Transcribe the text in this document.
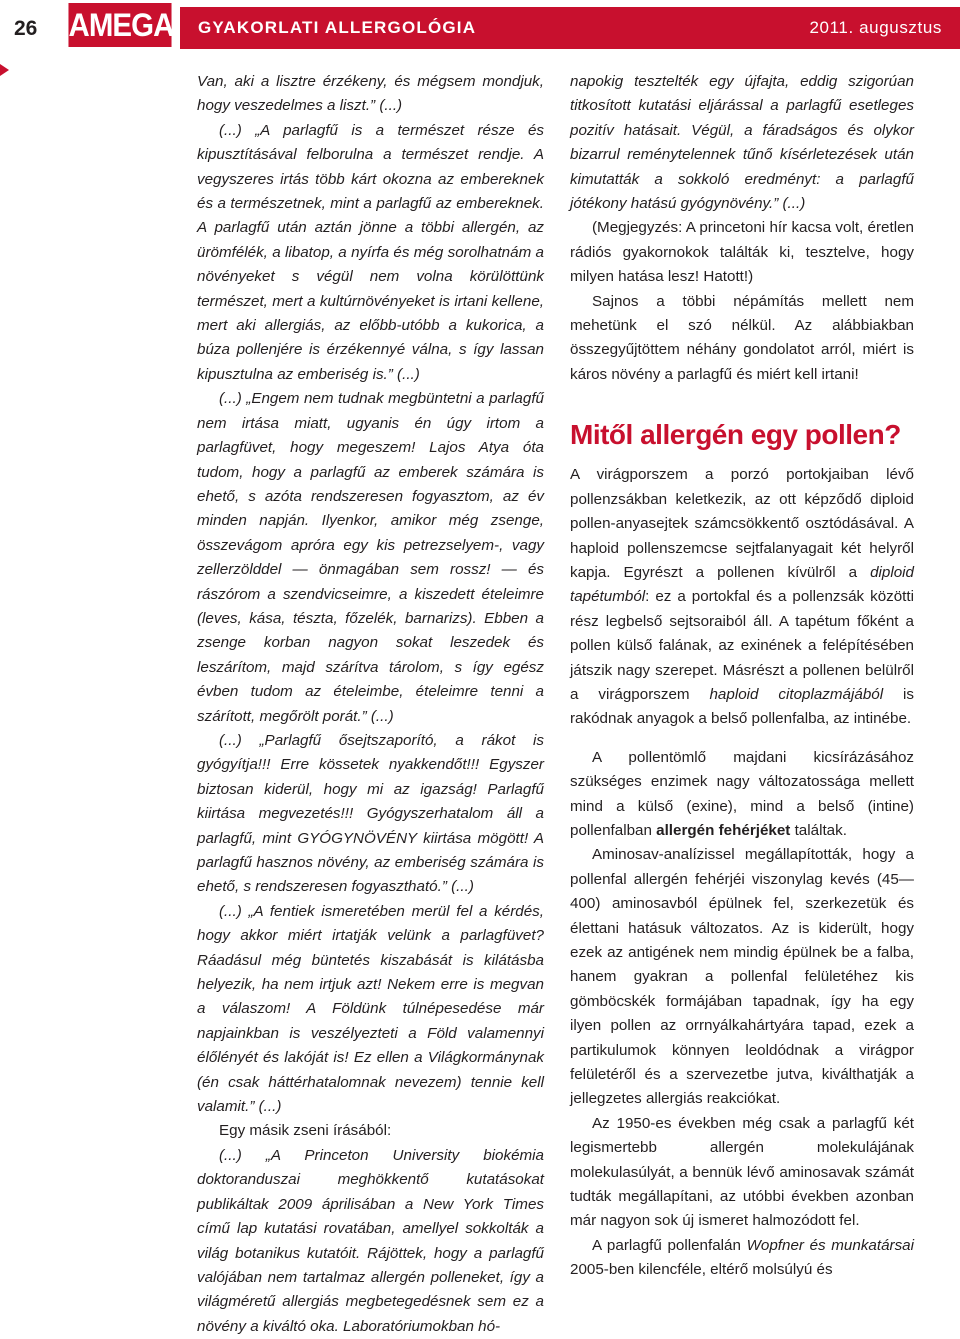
26 AMEGA GYAKORLATI ALLERGOLÓGIA	2011. augusztus

Van, aki a lisztre érzékeny, és mégsem mondjuk, hogy veszedelmes a liszt.” (...)

(...) „A parlagfű is a természet része és kipusztításával felborulna a természet rendje. A vegyszeres irtás több kárt okozna az embereknek és a természetnek, mint a parlagfű az embereknek. A parlagfű után aztán jönne a többi allergén, az ürömfélék, a libatop, a nyírfa és még sorolhatnám a növényeket s végül nem volna körülöttünk természet, mert a kultúrnövényeket is irtani kellene, mert aki allergiás, az előbb-utóbb a kukorica, a búza pollenjére is érzékennyé válna, s így lassan kipusztulna az emberiség is.” (...)

(...) „Engem nem tudnak megbüntetni a parlagfű nem irtása miatt, ugyanis én úgy irtom a parlagfüvet, hogy megeszem! Lajos Atya óta tudom, hogy a parlagfű az emberek számára is ehető, s azóta rendszeresen fogyasztom, az év minden napján. Ilyenkor, amikor még zsenge, összevágom apróra egy kis petrezselyem-, vagy zellerzölddel — önmagában sem rossz! — és rászórom a szendvicseimre, a kiszedett ételeimre (leves, kása, tészta, főzelék, barnarizs). Ebben a zsenge korban nagyon sokat leszedek és leszárítom, majd szárítva tárolom, s így egész évben tudom az ételeimbe, ételeimre tenni a szárított, megőrölt porát.” (...)

(...) „Parlagfű ősejtszaporító, a rákot is gyógyítja!!! Erre kössetek nyakkendőt!!! Egyszer biztosan kiderül, hogy mi az igazság! Parlagfű kiirtása megvezetés!!! Gyógyszerhatalom áll a parlagfű, mint GYÓGYNÖVÉNY kiirtása mögött! A parlagfű hasznos növény, az emberiség számára is ehető, s rendszeresen fogyasztható.” (...)

(...) „A fentiek ismeretében merül fel a kérdés, hogy akkor miért irtatják velünk a parlagfüvet? Ráadásul még büntetés kiszabását is kilátásba helyezik, ha nem irtjuk azt! Nekem erre is megvan a válaszom! A Földünk túlnépesedése már napjainkban is veszélyezteti a Föld valamennyi élőlényét és lakóját is! Ez ellen a Világkormánynak (én csak háttérhatalomnak nevezem) tennie kell valamit.” (...)

Egy másik zseni írásából:

(...) „A Princeton University biokémia doktoranduszai meghökkentő kutatásokat publikáltak 2009 áprilisában a New York Times című lap kutatási rovatában, amellyel sokkolták a világ botanikus kutatóit. Rájöttek, hogy a parlagfű valójában nem tartalmaz allergén polleneket, így a világméretű allergiás megbetegedésnek sem ez a növény a kiváltó oka. Laboratóriumokban hó-

napokig tesztelték egy újfajta, eddig szigorúan titkosított kutatási eljárással a parlagfű esetleges pozitív hatásait. Végül, a fáradságos és olykor bizarrul reménytelennek tűnő kísérletezések után kimutatták a sokkoló eredményt: a parlagfű jótékony hatású gyógynövény.” (...)

(Megjegyzés: A princetoni hír kacsa volt, éretlen rádiós gyakornokok találták ki, tesztelve, hogy milyen hatása lesz! Hatott!)

Sajnos a többi népámítás mellett nem mehetünk el szó nélkül. Az alábbiakban összegyűjtöttem néhány gondolatot arról, miért is káros növény a parlagfű és miért kell irtani!

Mitől allergén egy pollen?

A virágporszem a porzó portokjaiban lévő pollenzsákban keletkezik, az ott képződő diploid pollen-anyasejtek számcsökkentő osztódásával. A haploid pollenszemcse sejtfalanyagait két helyről kapja. Egyrészt a pollenen kívülről a diploid tapétumból: ez a portokfal és a pollenzsák közötti rész legbelső sejtsoraiból áll. A tapétum főként a pollen külső falának, az exinének a felépítésében játszik nagy szerepet. Másrészt a pollenen belülről a virágporszem haploid citoplazmájából is rakódnak anyagok a belső pollenfalba, az intinébe.

A pollentömlő majdani kicsírázásához szükséges enzimek nagy változatossága mellett mind a külső (exine), mind a belső (intine) pollenfalban allergén fehérjéket találtak.

Aminosav-analízissel megállapították, hogy a pollenfal allergén fehérjéi viszonylag kevés (45—400) aminosavból épülnek fel, szerkezetük és élettani hatásuk változatos. Az is kiderült, hogy ezek az antigének nem mindig épülnek be a falba, hanem gyakran a pollenfal felületéhez kis gömböcskék formájában tapadnak, így ha egy ilyen pollen az orrnyálkahártyára tapad, ezek a partikulumok könnyen leoldódnak a virágpor felületéről és a szervezetbe jutva, kiválthatják a jellegzetes allergiás reakciókat.

Az 1950-es években még csak a parlagfű két legismertebb allergén molekulájának molekulasúlyát, a bennük lévő aminosavak számát tudták megállapítani, az utóbbi években azonban már nagyon sok új ismeret halmozódott fel.

A parlagfű pollenfalán Wopfner és munkatársai 2005-ben kilencféle, eltérő molsúlyú és
